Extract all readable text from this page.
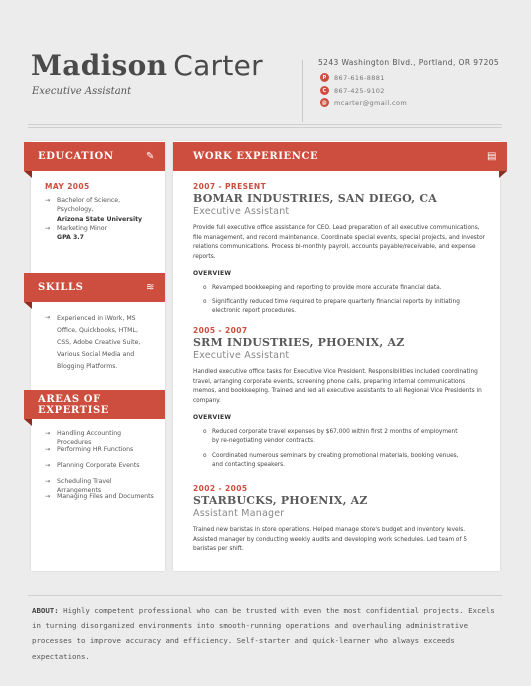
Madison Carter
Executive Assistant
5243 Washington Blvd., Portland, OR 97205
P	867-616-8881
C	867-425-9102
@ mcarter@gmail.com
EDUCATION	✎
MAY 2005
→ Bachelor of Science, Psychology,
Arizona State University
→ Marketing Minor
GPA 3.7
SKILLS	≋
→ Experienced in iWork, MS Office, Quickbooks, HTML, CSS, Adobe Creative Suite, Various Social Media and Blogging Platforms.
AREAS OF EXPERTISE
→ Handling Accounting Procedures
→ Performing HR Functions
→ Planning Corporate Events
→ Scheduling Travel Arrangements
→ Managing Files and Documents
WORK EXPERIENCE	▤
2007 - PRESENT
BOMAR INDUSTRIES, SAN DIEGO, CA
Executive Assistant
Provide full executive office assistance for CEO. Lead preparation of all executive communications, file management, and record maintenance. Coordinate special events, special projects, and investor relations communications. Process bi-monthly payroll, accounts payable/receivable, and expense reports.
OVERVIEW
o Revamped bookkeeping and reporting to provide more accurate financial data.
o Significantly reduced time required to prepare quarterly financial reports by initiating electronic report procedures.
2005 - 2007
SRM INDUSTRIES, PHOENIX, AZ
Executive Assistant
Handled executive office tasks for Executive Vice President. Responsibilities included coordinating travel, arranging corporate events, screening phone calls, preparing internal communications memos, and bookkeeping. Trained and led all executive assistants to all Regional Vice Presidents in company.
OVERVIEW
o Reduced corporate travel expenses by $67,000 within first 2 months of employment by re-negotiating vendor contracts.
o Coordinated numerous seminars by creating promotional materials, booking venues, and contacting speakers.
2002 - 2005
STARBUCKS, PHOENIX, AZ
Assistant Manager
Trained new baristas in store operations. Helped manage store's budget and inventory levels. Assisted manager by conducting weekly audits and developing work schedules. Led team of 5 baristas per shift.
ABOUT: Highly competent professional who can be trusted with even the most confidential projects. Excels in turning disorganized environments into smooth-running operations and overhauling administrative processes to improve accuracy and efficiency. Self-starter and quick-learner who always exceeds expectations.
